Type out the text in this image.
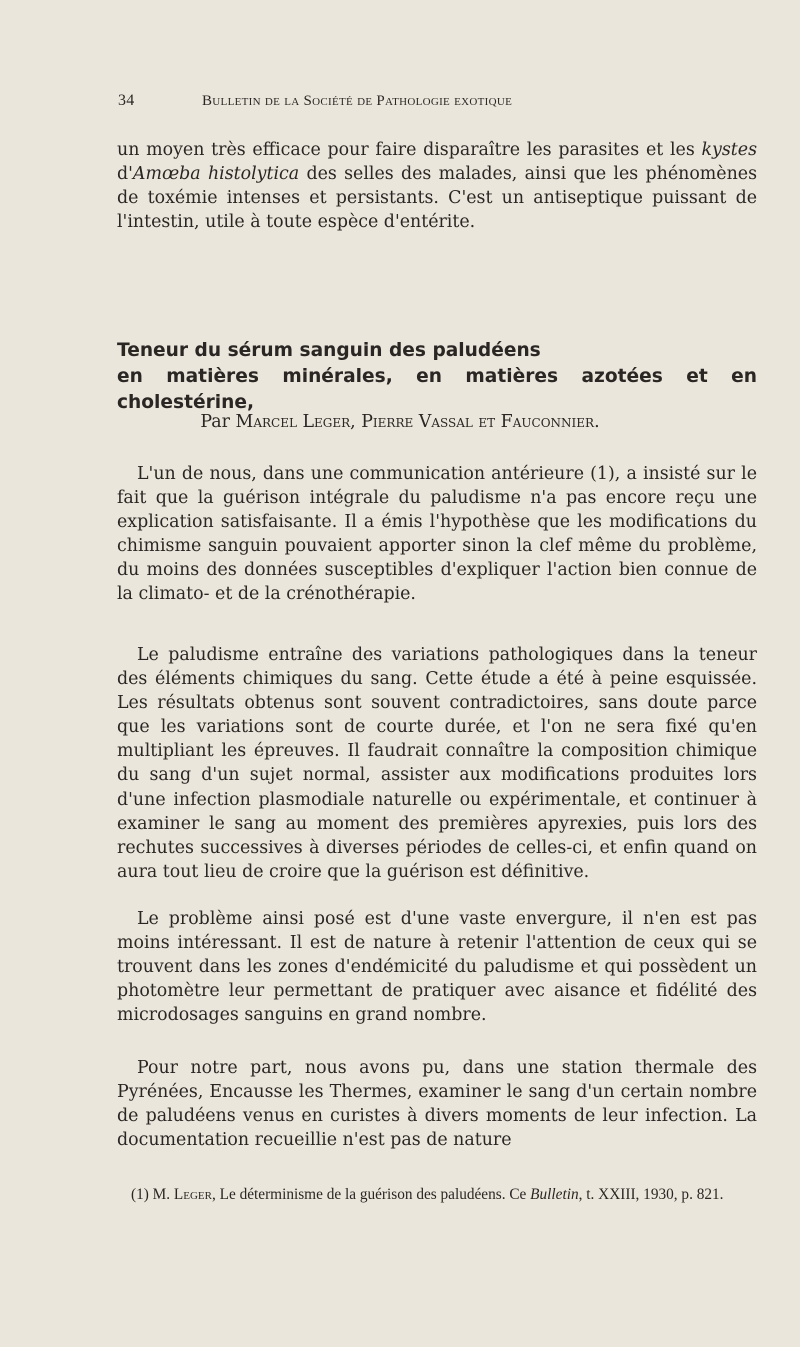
34	Bulletin de la Société de Pathologie exotique

un moyen très efficace pour faire disparaître les parasites et les kystes d'Amœba histolytica des selles des malades, ainsi que les phénomènes de toxémie intenses et persistants. C'est un antiseptique puissant de l'intestin, utile à toute espèce d'entérite.

Teneur du sérum sanguin des paludéens
en matières minérales, en matières azotées et en cholestérine,

Par Marcel Leger, Pierre Vassal et Fauconnier.

L'un de nous, dans une communication antérieure (1), a insisté sur le fait que la guérison intégrale du paludisme n'a pas encore reçu une explication satisfaisante. Il a émis l'hypothèse que les modifications du chimisme sanguin pouvaient apporter sinon la clef même du problème, du moins des données susceptibles d'expliquer l'action bien connue de la climato- et de la crénothérapie.

Le paludisme entraîne des variations pathologiques dans la teneur des éléments chimiques du sang. Cette étude a été à peine esquissée. Les résultats obtenus sont souvent contradictoires, sans doute parce que les variations sont de courte durée, et l'on ne sera fixé qu'en multipliant les épreuves. Il faudrait connaître la composition chimique du sang d'un sujet normal, assister aux modifications produites lors d'une infection plasmodiale naturelle ou expérimentale, et continuer à examiner le sang au moment des premières apyrexies, puis lors des rechutes successives à diverses périodes de celles-ci, et enfin quand on aura tout lieu de croire que la guérison est définitive.

Le problème ainsi posé est d'une vaste envergure, il n'en est pas moins intéressant. Il est de nature à retenir l'attention de ceux qui se trouvent dans les zones d'endémicité du paludisme et qui possèdent un photomètre leur permettant de pratiquer avec aisance et fidélité des microdosages sanguins en grand nombre.

Pour notre part, nous avons pu, dans une station thermale des Pyrénées, Encausse les Thermes, examiner le sang d'un certain nombre de paludéens venus en curistes à divers moments de leur infection. La documentation recueillie n'est pas de nature

(1) M. Leger, Le déterminisme de la guérison des paludéens. Ce Bulletin, t. XXIII, 1930, p. 821.
